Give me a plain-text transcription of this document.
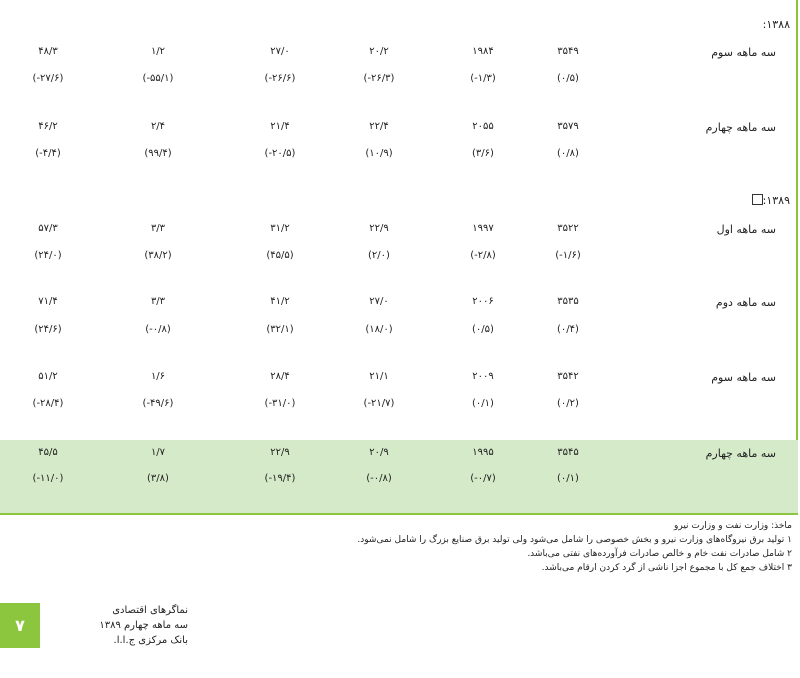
۱۳۸۸:
سه ماهه سوم
۴۸/۳	۱/۲	۲۷/۰	۲۰/۲	۱۹۸۴	۳۵۴۹
(-۲۷/۶)	(-۵۵/۱)	(-۲۶/۶)	(-۲۶/۳)	(-۱/۳)	(۰/۵)
سه ماهه چهارم
۴۶/۲	۲/۴	۲۱/۴	۲۲/۴	۲۰۵۵	۳۵۷۹
(-۴/۴)	(۹۹/۴)	(-۲۰/۵)	(۱۰/۹)	(۳/۶)	(۰/۸)
۱۳۸۹:
سه ماهه اول
۵۷/۳	۳/۳	۳۱/۲	۲۲/۹	۱۹۹۷	۳۵۲۲
(۲۴/۰)	(۳۸/۲)	(۴۵/۵)	(۲/۰)	(-۲/۸)	(-۱/۶)
سه ماهه دوم
۷۱/۴	۳/۳	۴۱/۲	۲۷/۰	۲۰۰۶	۳۵۳۵
(۲۴/۶)	(-۰/۸)	(۳۲/۱)	(۱۸/۰)	(۰/۵)	(۰/۴)
سه ماهه سوم
۵۱/۲	۱/۶	۲۸/۴	۲۱/۱	۲۰۰۹	۳۵۴۲
(-۲۸/۴)	(-۴۹/۶)	(-۳۱/۰)	(-۲۱/۷)	(۰/۱)	(۰/۲)
سه ماهه چهارم
۴۵/۵	۱/۷	۲۲/۹	۲۰/۹	۱۹۹۵	۳۵۴۵
(-۱۱/۰)	(۳/۸)	(-۱۹/۴)	(-۰/۸)	(-۰/۷)	(۰/۱)
ماخذ: وزارت نفت و وزارت نیرو
۱ تولید برق نیروگاه‌های وزارت نیرو و بخش خصوصی را شامل می‌شود ولی تولید برق صنایع بزرگ را شامل نمی‌شود.
۲ شامل صادرات نفت خام و خالص صادرات فرآورده‌های نفتی می‌باشد.
۳ اختلاف جمع کل با مجموع اجزا ناشی از گرد کردن ارقام می‌باشد.
۷
نماگرهای اقتصادی
سه ماهه چهارم ۱۳۸۹
بانک مرکزی ج.ا.ا.
